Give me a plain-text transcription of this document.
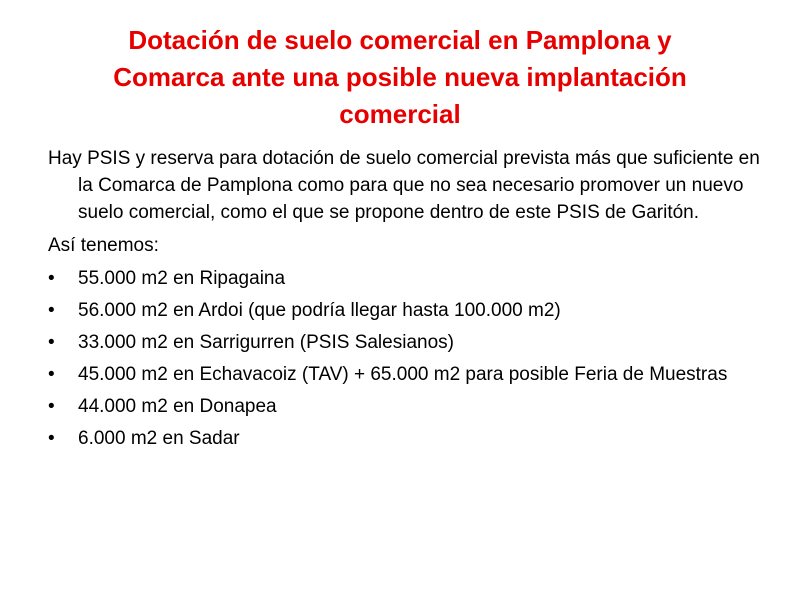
Dotación de suelo comercial en Pamplona y
Comarca ante una posible nueva implantación
comercial

Hay PSIS y reserva para dotación de suelo comercial prevista más que suficiente en la Comarca de Pamplona como para que no sea necesario promover un nuevo suelo comercial, como el que se propone dentro de este PSIS de Garitón.

Así tenemos:

•	55.000 m2 en Ripagaina
•	56.000 m2 en Ardoi (que podría llegar hasta 100.000 m2)
•	33.000 m2 en Sarrigurren (PSIS Salesianos)
•	45.000 m2 en Echavacoiz (TAV) + 65.000 m2 para posible Feria de Muestras
•	44.000 m2 en Donapea
•	6.000 m2 en Sadar
